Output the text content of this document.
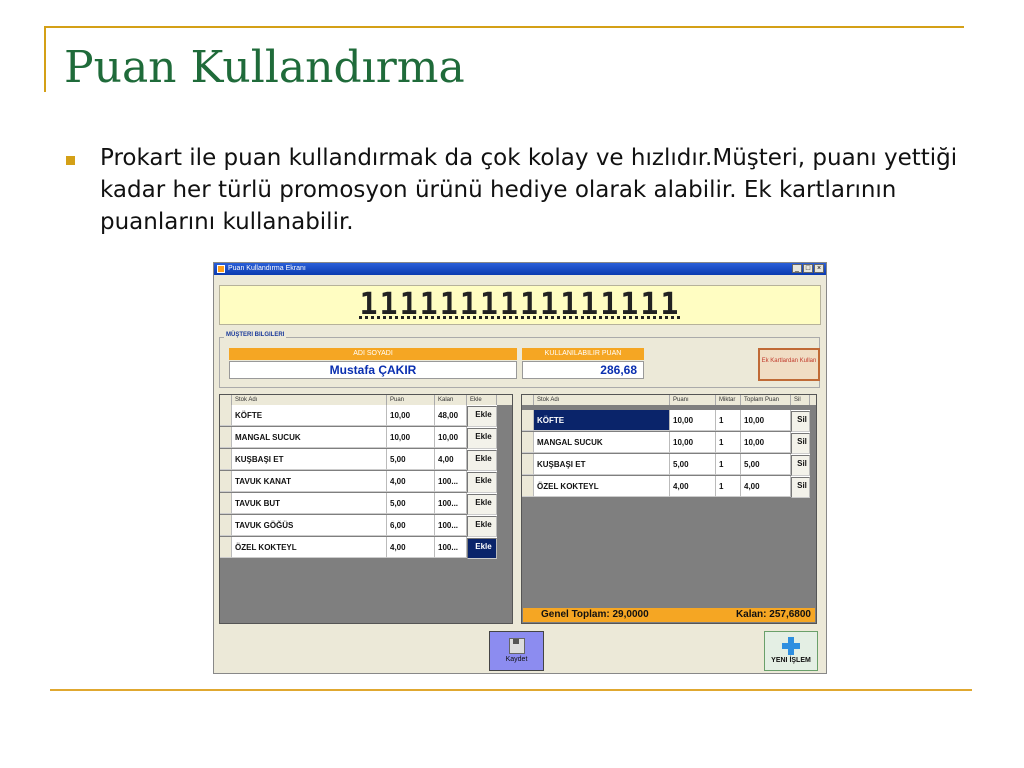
Puan Kullandırma
Prokart ile puan kullandırmak da çok kolay ve hızlıdır.Müşteri, puanı yettiği kadar her türlü promosyon ürünü hediye olarak alabilir. Ek kartlarının puanlarını kullanabilir.
Puan Kullandırma Ekranı	_ □ ×
1111111111111111
MÜŞTERI BILGILERI
ADI SOYADI
Mustafa ÇAKIR
KULLANILABILIR PUAN
286,68
Ek Kartlardan Kullan
Stok Adı	Puan	Kalan	Ekle
KÖFTE	10,00	48,00	Ekle
MANGAL SUCUK	10,00	10,00	Ekle
KUŞBAŞI ET	5,00	4,00	Ekle
TAVUK KANAT	4,00	100...	Ekle
TAVUK BUT	5,00	100...	Ekle
TAVUK GÖĞÜS	6,00	100...	Ekle
ÖZEL KOKTEYL	4,00	100...	Ekle
Stok Adı	Puanı	Miktar	Toplam Puan	Sil
KÖFTE	10,00	1	10,00	Sil
MANGAL SUCUK	10,00	1	10,00	Sil
KUŞBAŞI ET	5,00	1	5,00	Sil
ÖZEL KOKTEYL	4,00	1	4,00	Sil
Genel Toplam: 29,0000	Kalan: 257,6800
Kaydet	YENI İŞLEM
